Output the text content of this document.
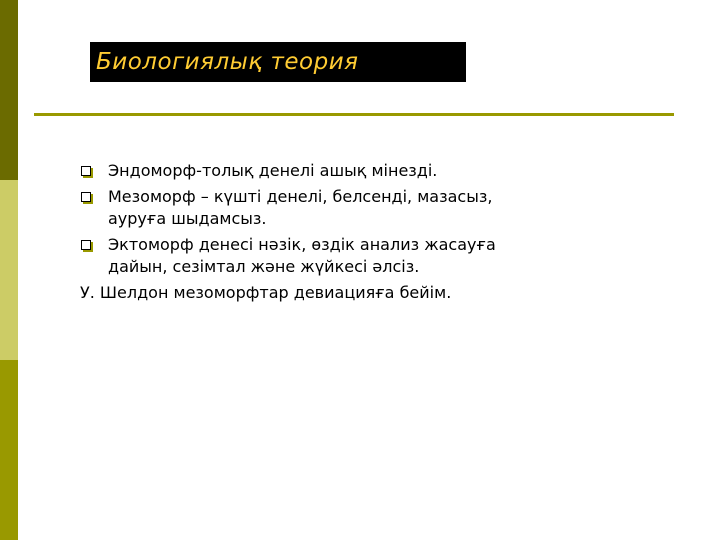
Биологиялық теория
Эндоморф-толық денелі ашық мінезді.
Мезоморф – күшті денелі, белсенді, мазасыз, ауруға шыдамсыз.
Эктоморф денесі нәзік, өздік анализ жасауға дайын, сезімтал және жүйкесі әлсіз.
У. Шелдон мезоморфтар девиацияға бейім.
